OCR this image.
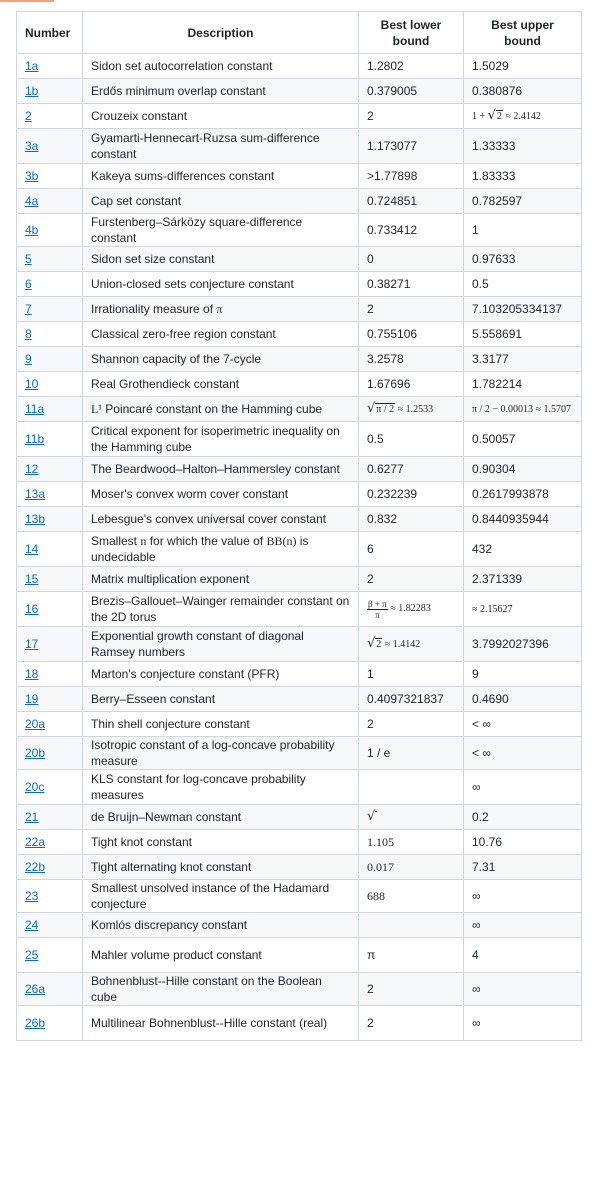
Number	Description	Best lower bound	Best upper bound
1a	Sidon set autocorrelation constant	1.2802	1.5029
1b	Erdős minimum overlap constant	0.379005	0.380876
2	Crouzeix constant	2	1 + √2 ≈ 2.4142
3a	Gyamarti-Hennecart-Ruzsa sum-difference constant	1.173077	1.33333
3b	Kakeya sums-differences constant	>1.77898	1.83333
4a	Cap set constant	0.724851	0.782597
4b	Furstenberg–Sárközy square-difference constant	0.733412	1
5	Sidon set size constant	0	0.97633
6	Union-closed sets conjecture constant	0.38271	0.5
7	Irrationality measure of π	2	7.103205334137
8	Classical zero-free region constant	0.755106	5.558691
9	Shannon capacity of the 7-cycle	3.2578	3.3177
10	Real Grothendieck constant	1.67696	1.782214
11a	L¹ Poincaré constant on the Hamming cube	√π / 2 ≈ 1.2533	π / 2 − 0.00013 ≈ 1.5707
11b	Critical exponent for isoperimetric inequality on the Hamming cube	0.5	0.50057
12	The Beardwood–Halton–Hammersley constant	0.6277	0.90304
13a	Moser's convex worm cover constant	0.232239	0.2617993878
13b	Lebesgue's convex universal cover constant	0.832	0.8440935944
14	Smallest n for which the value of BB(n) is undecidable	6	432
15	Matrix multiplication exponent	2	2.371339
16	Brezis–Gallouet–Wainger remainder constant on the 2D torus	$\frac{\beta + \pi}{\pi} \approx 1.82283$	≈ 2.15627
17	Exponential growth constant of diagonal Ramsey numbers	√2 ≈ 1.4142	3.7992027396
18	Marton's conjecture constant (PFR)	1	9
19	Berry–Esseen constant	0.4097321837	0.4690
20a	Thin shell conjecture constant	2	< ∞
20b	Isotropic constant of a log-concave probability measure	1 / e	< ∞
20c	KLS constant for log-concave probability measures		∞
21	de Bruijn–Newman constant	√	0.2
22a	Tight knot constant	1.105	10.76
22b	Tight alternating knot constant	0.017	7.31
23	Smallest unsolved instance of the Hadamard conjecture	688	∞
24	Komlós discrepancy constant		∞
25	Mahler volume product constant	π	4
26a	Bohnenblust--Hille constant on the Boolean cube	2	∞
26b	Multilinear Bohnenblust--Hille constant (real)	2	∞
